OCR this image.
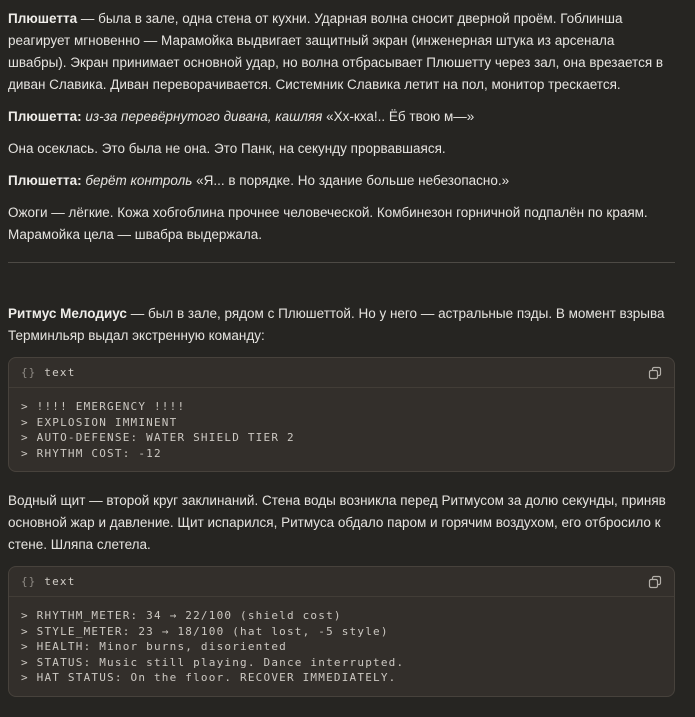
Плюшетта — была в зале, одна стена от кухни. Ударная волна сносит дверной проём. Гоблинша реагирует мгновенно — Марамойка выдвигает защитный экран (инженерная штука из арсенала швабры). Экран принимает основной удар, но волна отбрасывает Плюшетту через зал, она врезается в диван Славика. Диван переворачивается. Системник Славика летит на пол, монитор трескается.

Плюшетта: из-за перевёрнутого дивана, кашляя «Хх-кха!.. Ёб твою м—»

Она осеклась. Это была не она. Это Панк, на секунду прорвавшаяся.

Плюшетта: берёт контроль «Я... в порядке. Но здание больше небезопасно.»

Ожоги — лёгкие. Кожа хобгоблина прочнее человеческой. Комбинезон горничной подпалён по краям. Марамойка цела — швабра выдержала.

Ритмус Мелодиус — был в зале, рядом с Плюшеттой. Но у него — астральные пэды. В момент взрыва Терминльяр выдал экстренную команду:

{} text
> !!!! EMERGENCY !!!!
> EXPLOSION IMMINENT
> AUTO-DEFENSE: WATER SHIELD TIER 2
> RHYTHM COST: -12

Водный щит — второй круг заклинаний. Стена воды возникла перед Ритмусом за долю секунды, приняв основной жар и давление. Щит испарился, Ритмуса обдало паром и горячим воздухом, его отбросило к стене. Шляпа слетела.

{} text
> RHYTHM_METER: 34 → 22/100 (shield cost)
> STYLE_METER: 23 → 18/100 (hat lost, -5 style)
> HEALTH: Minor burns, disoriented
> STATUS: Music still playing. Dance interrupted.
> HAT STATUS: On the floor. RECOVER IMMEDIATELY.
